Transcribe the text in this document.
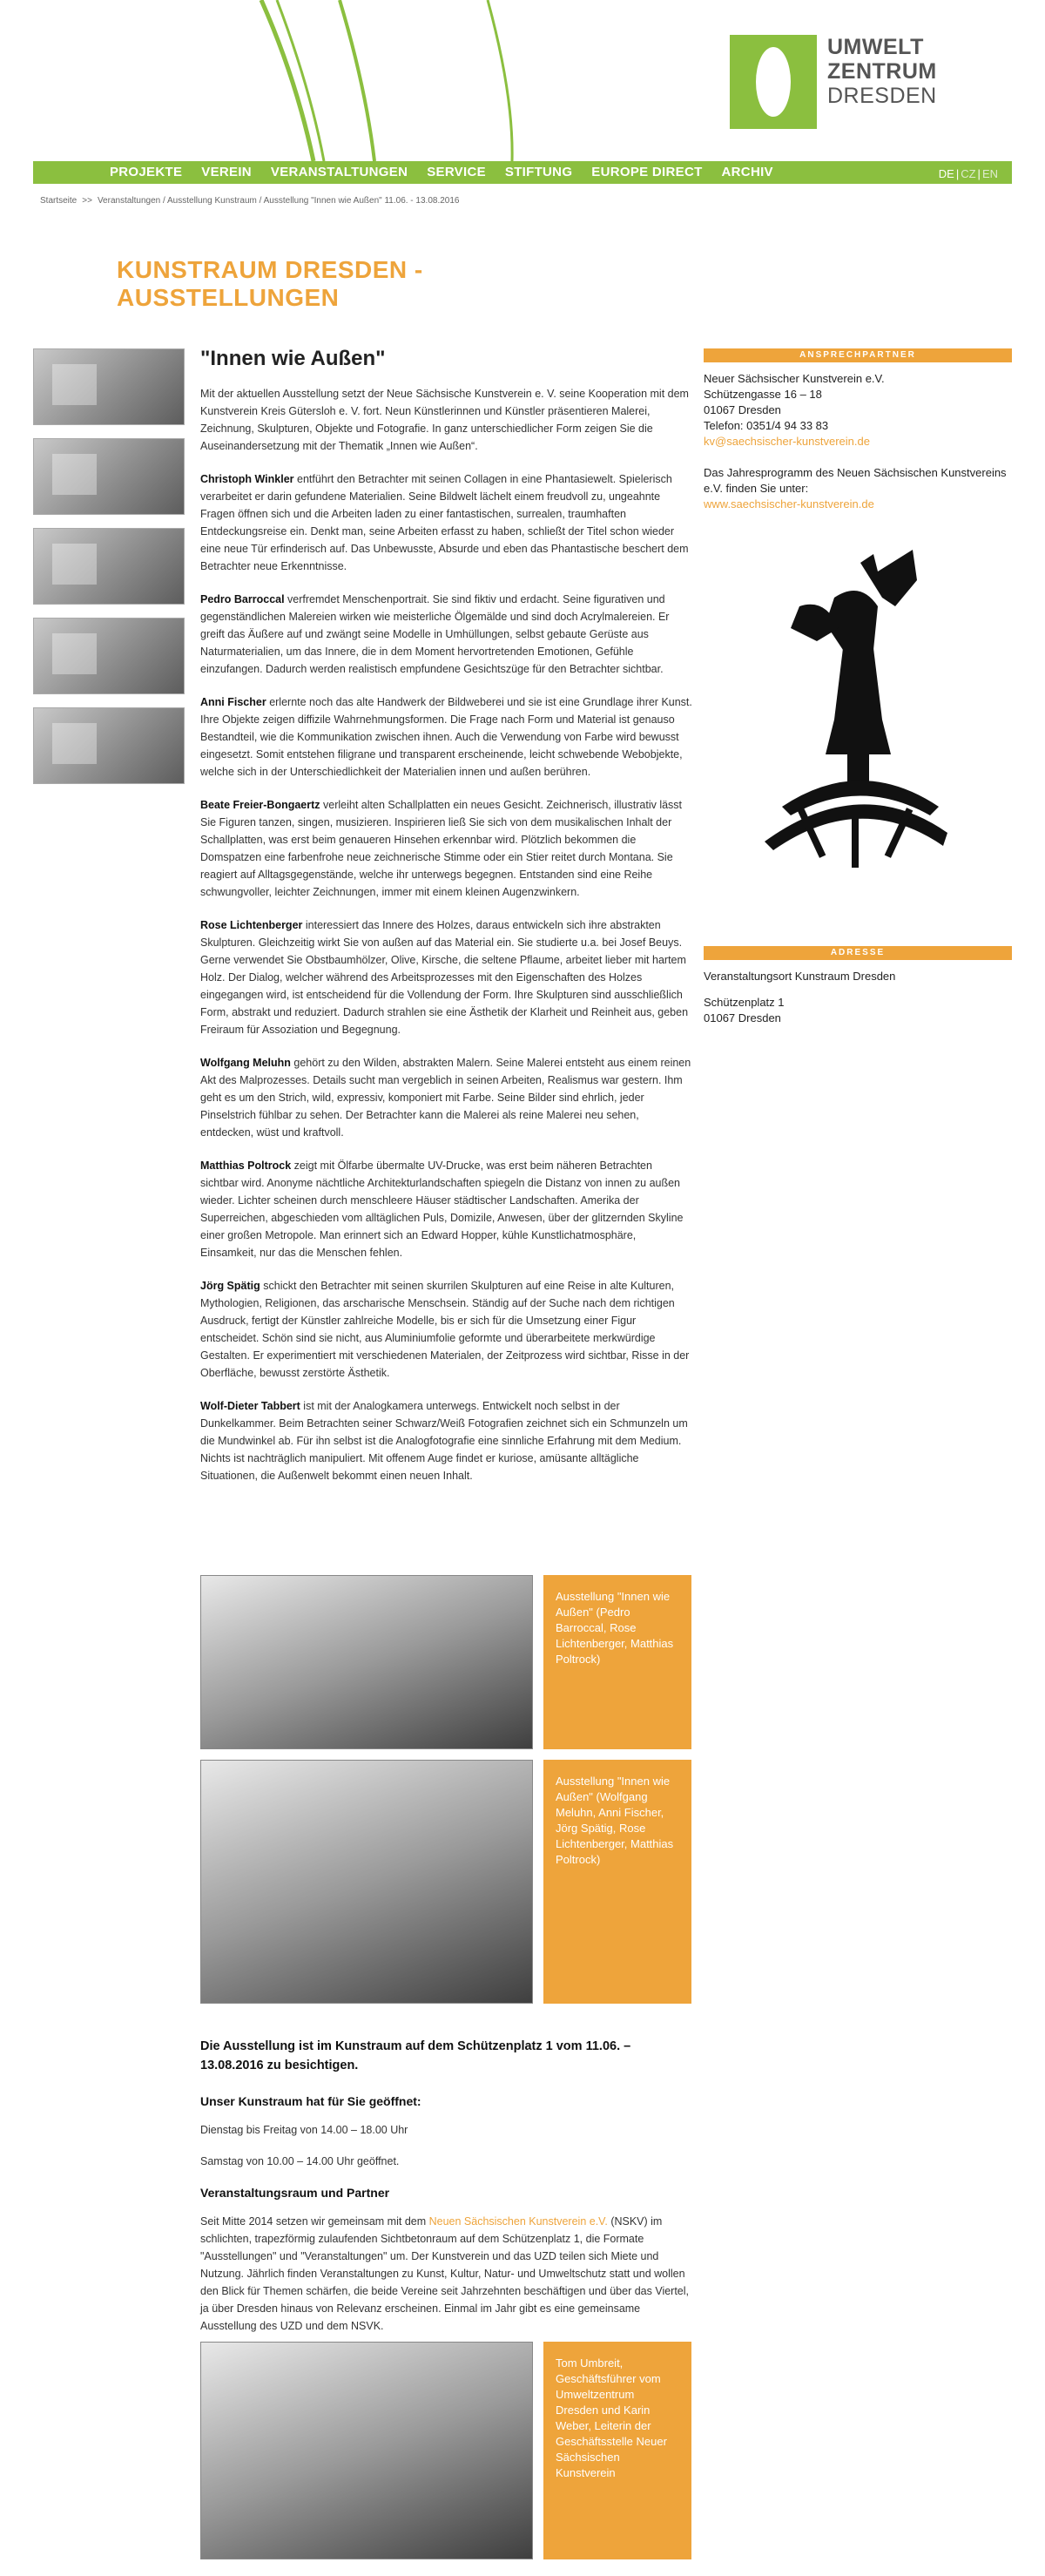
UMWELT
ZENTRUM
DRESDEN
PROJEKTE VEREIN VERANSTALTUNGEN SERVICE STIFTUNG EUROPE DIRECT ARCHIV	DE | CZ | EN
Startseite >> Veranstaltungen / Ausstellung Kunstraum / Ausstellung "Innen wie Außen" 11.06. - 13.08.2016
KUNSTRAUM DRESDEN -
AUSSTELLUNGEN
"Innen wie Außen"

Mit der aktuellen Ausstellung setzt der Neue Sächsische Kunstverein e. V. seine Kooperation mit dem Kunstverein Kreis Gütersloh e. V. fort. Neun Künstlerinnen und Künstler präsentieren Malerei, Zeichnung, Skulpturen, Objekte und Fotografie. In ganz unterschiedlicher Form zeigen Sie die Auseinandersetzung mit der Thematik „Innen wie Außen“.

Christoph Winkler entführt den Betrachter mit seinen Collagen in eine Phantasiewelt. Spielerisch verarbeitet er darin gefundene Materialien. Seine Bildwelt lächelt einem freudvoll zu, ungeahnte Fragen öffnen sich und die Arbeiten laden zu einer fantastischen, surrealen, traumhaften Entdeckungsreise ein. Denkt man, seine Arbeiten erfasst zu haben, schließt der Titel schon wieder eine neue Tür erfinderisch auf. Das Unbewusste, Absurde und eben das Phantastische beschert dem Betrachter neue Erkenntnisse.

Pedro Barroccal verfremdet Menschenportrait. Sie sind fiktiv und erdacht. Seine figurativen und gegenständlichen Malereien wirken wie meisterliche Ölgemälde und sind doch Acrylmalereien. Er greift das Äußere auf und zwängt seine Modelle in Umhüllungen, selbst gebaute Gerüste aus Naturmaterialien, um das Innere, die in dem Moment hervortretenden Emotionen, Gefühle einzufangen. Dadurch werden realistisch empfundene Gesichtszüge für den Betrachter sichtbar.

Anni Fischer erlernte noch das alte Handwerk der Bildweberei und sie ist eine Grundlage ihrer Kunst. Ihre Objekte zeigen diffizile Wahrnehmungsformen. Die Frage nach Form und Material ist genauso Bestandteil, wie die Kommunikation zwischen ihnen. Auch die Verwendung von Farbe wird bewusst eingesetzt. Somit entstehen filigrane und transparent erscheinende, leicht schwebende Webobjekte, welche sich in der Unterschiedlichkeit der Materialien innen und außen berühren.

Beate Freier-Bongaertz verleiht alten Schallplatten ein neues Gesicht. Zeichnerisch, illustrativ lässt Sie Figuren tanzen, singen, musizieren. Inspirieren ließ Sie sich von dem musikalischen Inhalt der Schallplatten, was erst beim genaueren Hinsehen erkennbar wird. Plötzlich bekommen die Domspatzen eine farbenfrohe neue zeichnerische Stimme oder ein Stier reitet durch Montana. Sie reagiert auf Alltagsgegenstände, welche ihr unterwegs begegnen. Entstanden sind eine Reihe schwungvoller, leichter Zeichnungen, immer mit einem kleinen Augenzwinkern.

Rose Lichtenberger interessiert das Innere des Holzes, daraus entwickeln sich ihre abstrakten Skulpturen. Gleichzeitig wirkt Sie von außen auf das Material ein. Sie studierte u.a. bei Josef Beuys. Gerne verwendet Sie Obstbaumhölzer, Olive, Kirsche, die seltene Pflaume, arbeitet lieber mit hartem Holz. Der Dialog, welcher während des Arbeitsprozesses mit den Eigenschaften des Holzes eingegangen wird, ist entscheidend für die Vollendung der Form. Ihre Skulpturen sind ausschließlich Form, abstrakt und reduziert. Dadurch strahlen sie eine Ästhetik der Klarheit und Reinheit aus, geben Freiraum für Assoziation und Begegnung.

Wolfgang Meluhn gehört zu den Wilden, abstrakten Malern. Seine Malerei entsteht aus einem reinen Akt des Malprozesses. Details sucht man vergeblich in seinen Arbeiten, Realismus war gestern. Ihm geht es um den Strich, wild, expressiv, komponiert mit Farbe. Seine Bilder sind ehrlich, jeder Pinselstrich fühlbar zu sehen. Der Betrachter kann die Malerei als reine Malerei neu sehen, entdecken, wüst und kraftvoll.

Matthias Poltrock zeigt mit Ölfarbe übermalte UV-Drucke, was erst beim näheren Betrachten sichtbar wird. Anonyme nächtliche Architekturlandschaften spiegeln die Distanz von innen zu außen wieder. Lichter scheinen durch menschleere Häuser städtischer Landschaften. Amerika der Superreichen, abgeschieden vom alltäglichen Puls, Domizile, Anwesen, über der glitzernden Skyline einer großen Metropole. Man erinnert sich an Edward Hopper, kühle Kunstlichatmosphäre, Einsamkeit, nur das die Menschen fehlen.

Jörg Spätig schickt den Betrachter mit seinen skurrilen Skulpturen auf eine Reise in alte Kulturen, Mythologien, Religionen, das arscharische Menschsein. Ständig auf der Suche nach dem richtigen Ausdruck, fertigt der Künstler zahlreiche Modelle, bis er sich für die Umsetzung einer Figur entscheidet. Schön sind sie nicht, aus Aluminiumfolie geformte und überarbeitete merkwürdige Gestalten. Er experimentiert mit verschiedenen Materialen, der Zeitprozess wird sichtbar, Risse in der Oberfläche, bewusst zerstörte Ästhetik.

Wolf-Dieter Tabbert ist mit der Analogkamera unterwegs. Entwickelt noch selbst in der Dunkelkammer. Beim Betrachten seiner Schwarz/Weiß Fotografien zeichnet sich ein Schmunzeln um die Mundwinkel ab. Für ihn selbst ist die Analogfotografie eine sinnliche Erfahrung mit dem Medium. Nichts ist nachträglich manipuliert. Mit offenem Auge findet er kuriose, amüsante alltägliche Situationen, die Außenwelt bekommt einen neuen Inhalt.

ANSPRECHPARTNER
Neuer Sächsischer Kunstverein e.V.
Schützengasse 16 – 18
01067 Dresden
Telefon: 0351/4 94 33 83
kv@saechsischer-kunstverein.de
Das Jahresprogramm des Neuen Sächsischen Kunstvereins e.V. finden Sie unter:
www.saechsischer-kunstverein.de
ADRESSE
Veranstaltungsort Kunstraum Dresden
Schützenplatz 1
01067 Dresden
Ausstellung "Innen wie Außen" (Pedro Barroccal, Rose Lichtenberger, Matthias Poltrock)
Ausstellung "Innen wie Außen" (Wolfgang Meluhn, Anni Fischer, Jörg Spätig, Rose Lichtenberger, Matthias Poltrock)
Die Ausstellung ist im Kunstraum auf dem Schützenplatz 1 vom 11.06. – 13.08.2016 zu besichtigen.
Unser Kunstraum hat für Sie geöffnet:

Dienstag bis Freitag von 14.00 – 18.00 Uhr

Samstag von 10.00 – 14.00 Uhr geöffnet.

Veranstaltungsraum und Partner

Seit Mitte 2014 setzen wir gemeinsam mit dem Neuen Sächsischen Kunstverein e.V. (NSKV) im schlichten, trapezförmig zulaufenden Sichtbetonraum auf dem Schützenplatz 1, die Formate "Ausstellungen" und "Veranstaltungen" um. Der Kunstverein und das UZD teilen sich Miete und Nutzung. Jährlich finden Veranstaltungen zu Kunst, Kultur, Natur- und Umweltschutz statt und wollen den Blick für Themen schärfen, die beide Vereine seit Jahrzehnten beschäftigen und über das Viertel, ja über Dresden hinaus von Relevanz erscheinen. Einmal im Jahr gibt es eine gemeinsame Ausstellung des UZD und dem NSVK.

Tom Umbreit, Geschäftsführer vom Umweltzentrum Dresden und Karin Weber, Leiterin der Geschäftsstelle Neuer Sächsischen Kunstverein
